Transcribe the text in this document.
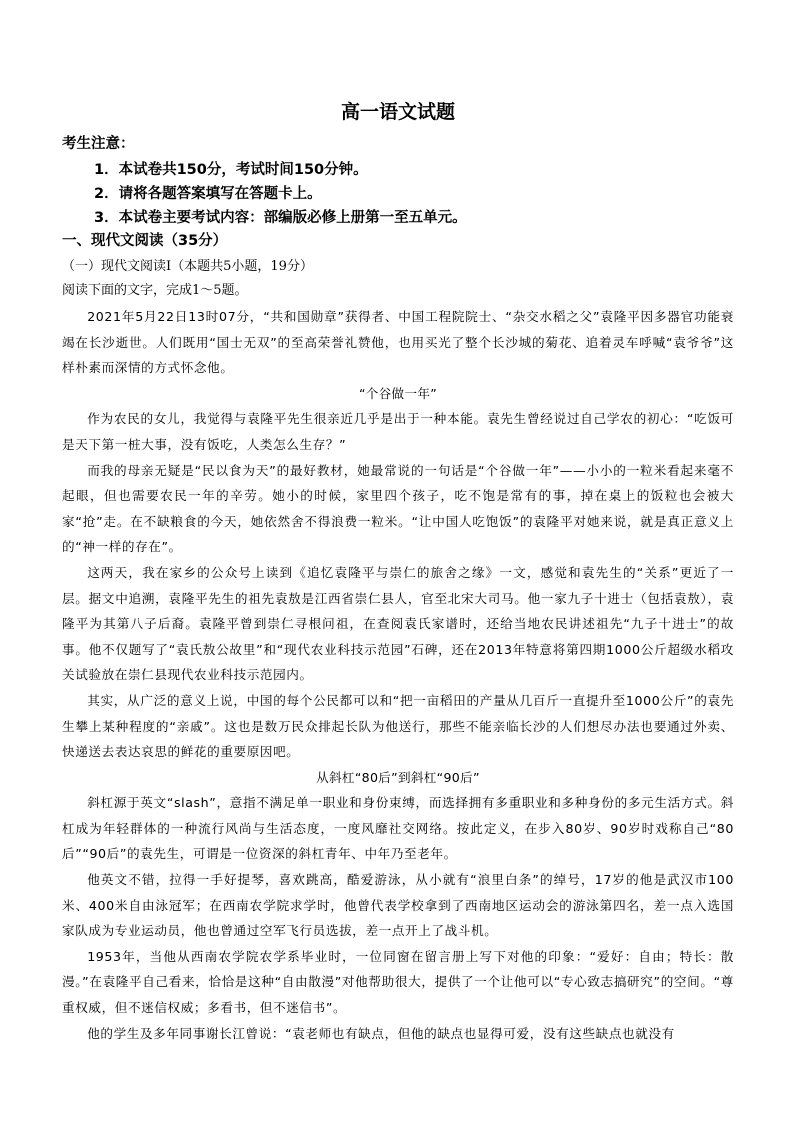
高一语文试题
考生注意：
1．本试卷共150分，考试时间150分钟。
2．请将各题答案填写在答题卡上。
3．本试卷主要考试内容：部编版必修上册第一至五单元。
一、现代文阅读（35分）
（一）现代文阅读Ⅰ（本题共5小题，19分）
阅读下面的文字，完成1～5题。

2021年5月22日13时07分，“共和国勋章”获得者、中国工程院院士、“杂交水稻之父”袁隆平因多器官功能衰竭在长沙逝世。人们既用“国士无双”的至高荣誉礼赞他，也用买光了整个长沙城的菊花、追着灵车呼喊“袁爷爷”这样朴素而深情的方式怀念他。

“个谷做一年”

作为农民的女儿，我觉得与袁隆平先生很亲近几乎是出于一种本能。袁先生曾经说过自己学农的初心：“吃饭可是天下第一桩大事，没有饭吃，人类怎么生存？”

而我的母亲无疑是“民以食为天”的最好教材，她最常说的一句话是“个谷做一年”——小小的一粒米看起来毫不起眼，但也需要农民一年的辛劳。她小的时候，家里四个孩子，吃不饱是常有的事，掉在桌上的饭粒也会被大家“抢”走。在不缺粮食的今天，她依然舍不得浪费一粒米。“让中国人吃饱饭”的袁隆平对她来说，就是真正意义上的“神一样的存在”。

这两天，我在家乡的公众号上读到《追忆袁隆平与崇仁的旅舍之缘》一文，感觉和袁先生的“关系”更近了一层。据文中追溯，袁隆平先生的祖先袁敖是江西省崇仁县人，官至北宋大司马。他一家九子十进士（包括袁敖），袁隆平为其第八子后裔。袁隆平曾到崇仁寻根问祖，在查阅袁氏家谱时，还给当地农民讲述祖先“九子十进士”的故事。他不仅题写了“袁氏敖公故里”和“现代农业科技示范园”石碑，还在2013年特意将第四期1000公斤超级水稻攻关试验放在崇仁县现代农业科技示范园内。

其实，从广泛的意义上说，中国的每个公民都可以和“把一亩稻田的产量从几百斤一直提升至1000公斤”的袁先生攀上某种程度的“亲戚”。这也是数万民众排起长队为他送行，那些不能亲临长沙的人们想尽办法也要通过外卖、快递送去表达哀思的鲜花的重要原因吧。

从斜杠“80后”到斜杠“90后”

斜杠源于英文“slash”，意指不满足单一职业和身份束缚，而选择拥有多重职业和多种身份的多元生活方式。斜杠成为年轻群体的一种流行风尚与生活态度，一度风靡社交网络。按此定义，在步入80岁、90岁时戏称自己“80后”“90后”的袁先生，可谓是一位资深的斜杠青年、中年乃至老年。

他英文不错，拉得一手好提琴，喜欢跳高，酷爱游泳，从小就有“浪里白条”的绰号，17岁的他是武汉市100米、400米自由泳冠军；在西南农学院求学时，他曾代表学校拿到了西南地区运动会的游泳第四名，差一点入选国家队成为专业运动员，他也曾通过空军飞行员选拔，差一点开上了战斗机。

1953年，当他从西南农学院农学系毕业时，一位同窗在留言册上写下对他的印象：“爱好：自由；特长：散漫。”在袁隆平自己看来，恰恰是这种“自由散漫”对他帮助很大，提供了一个让他可以“专心致志搞研究”的空间。“尊重权威，但不迷信权威；多看书，但不迷信书”。

他的学生及多年同事谢长江曾说：“袁老师也有缺点，但他的缺点也显得可爱，没有这些缺点也就没有
